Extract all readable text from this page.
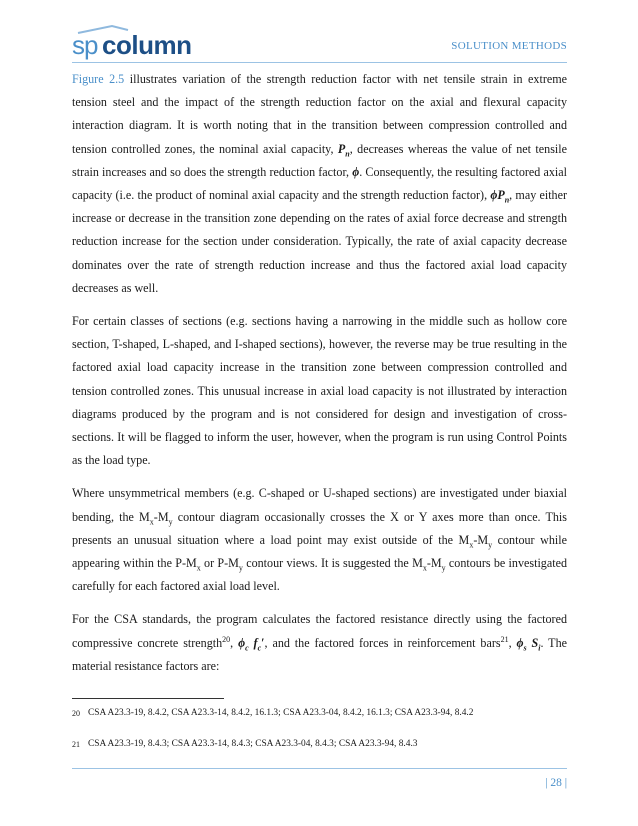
sp column	SOLUTION METHODS

Figure 2.5 illustrates variation of the strength reduction factor with net tensile strain in extreme tension steel and the impact of the strength reduction factor on the axial and flexural capacity interaction diagram. It is worth noting that in the transition between compression controlled and tension controlled zones, the nominal axial capacity, $P_n$, decreases whereas the value of net tensile strain increases and so does the strength reduction factor, ϕ. Consequently, the resulting factored axial capacity (i.e. the product of nominal axial capacity and the strength reduction factor), $\phi P_n$, may either increase or decrease in the transition zone depending on the rates of axial force decrease and strength reduction increase for the section under consideration. Typically, the rate of axial capacity decrease dominates over the rate of strength reduction increase and thus the factored axial load capacity decreases as well.

For certain classes of sections (e.g. sections having a narrowing in the middle such as hollow core section, T-shaped, L-shaped, and I-shaped sections), however, the reverse may be true resulting in the factored axial load capacity increase in the transition zone between compression controlled and tension controlled zones. This unusual increase in axial load capacity is not illustrated by interaction diagrams produced by the program and is not considered for design and investigation of cross-sections. It will be flagged to inform the user, however, when the program is run using Control Points as the load type.

Where unsymmetrical members (e.g. C-shaped or U-shaped sections) are investigated under biaxial bending, the $M_x-M_y$ contour diagram occasionally crosses the X or Y axes more than once. This presents an unusual situation where a load point may exist outside of the $M_x-M_y$ contour while appearing within the $P-M_x$ or $P-M_y$ contour views. It is suggested the $M_x-M_y$ contours be investigated carefully for each factored axial load level.

For the CSA standards, the program calculates the factored resistance directly using the factored compressive concrete strength$^{20}$, $\phi_c$ $f_c'$, and the factored forces in reinforcement bars$^{21}$, $\phi_s$ $S_i$. The material resistance factors are:

20 CSA A23.3-19, 8.4.2, CSA A23.3-14, 8.4.2, 16.1.3; CSA A23.3-04, 8.4.2, 16.1.3; CSA A23.3-94, 8.4.2
21 CSA A23.3-19, 8.4.3; CSA A23.3-14, 8.4.3; CSA A23.3-04, 8.4.3; CSA A23.3-94, 8.4.3
| 28 |
